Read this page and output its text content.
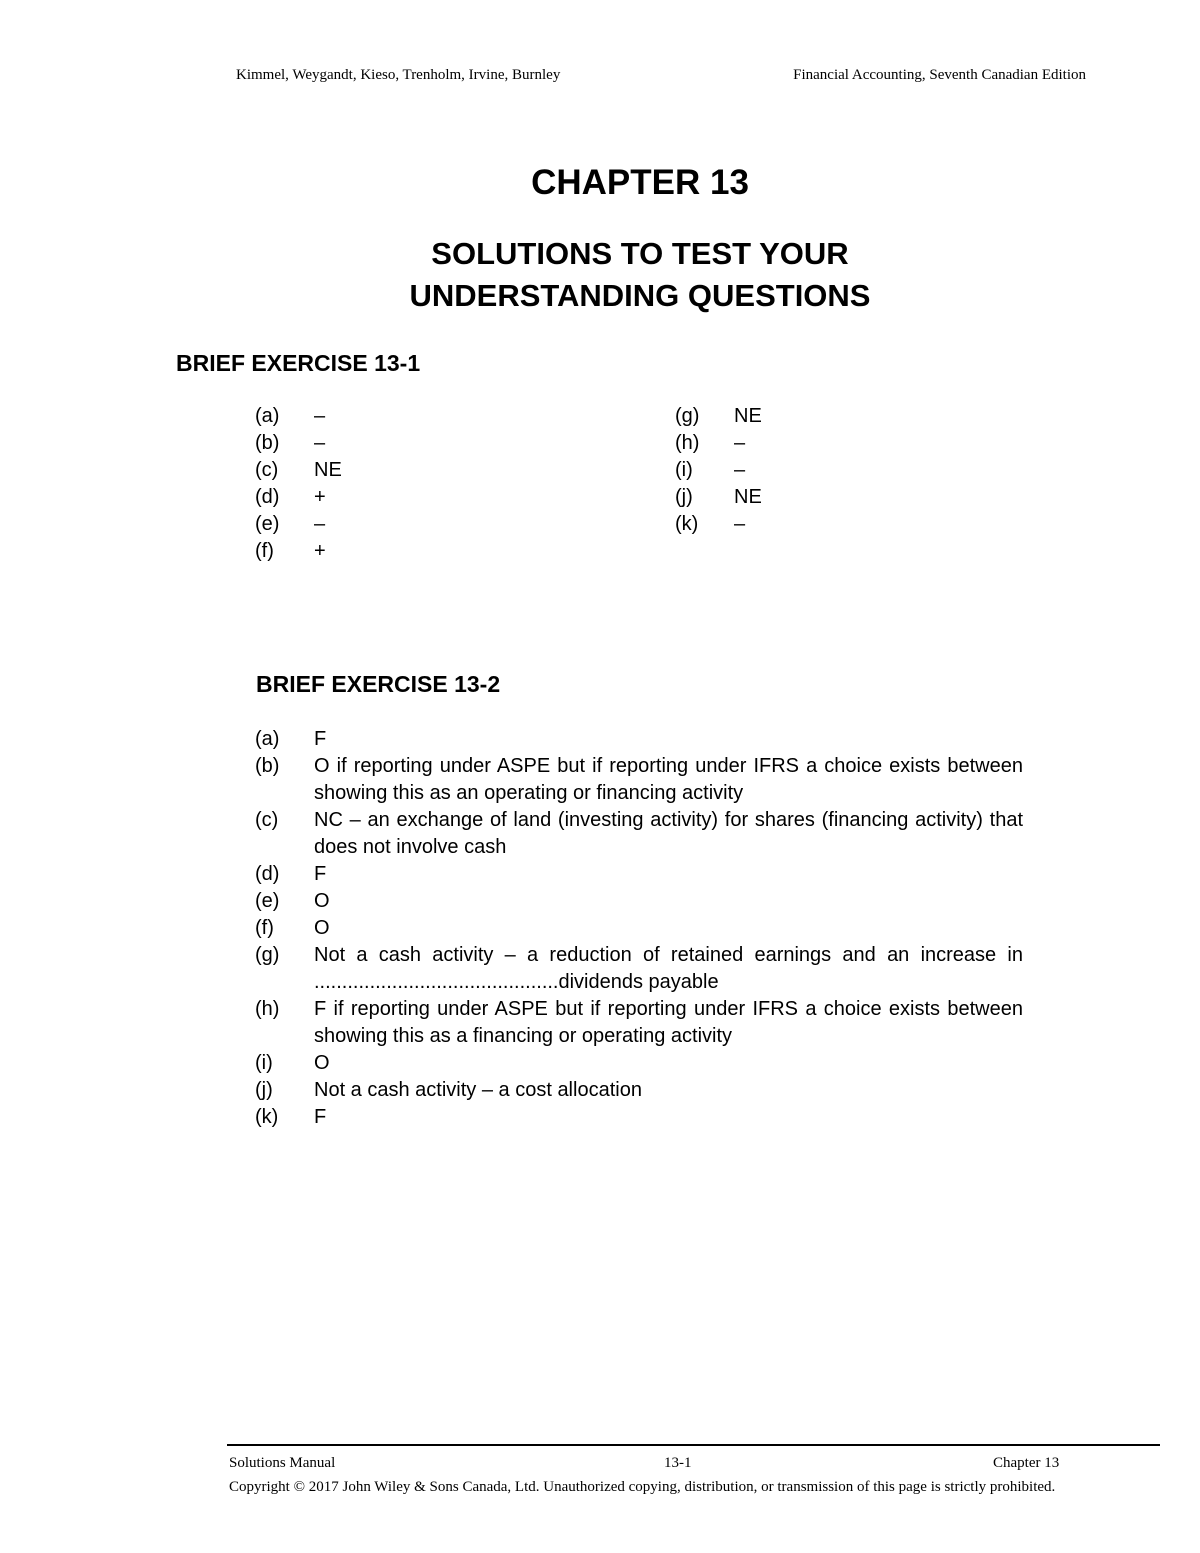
Kimmel, Weygandt, Kieso, Trenholm, Irvine, Burnley	Financial Accounting, Seventh Canadian Edition
CHAPTER 13
SOLUTIONS TO TEST YOUR
UNDERSTANDING QUESTIONS
BRIEF EXERCISE 13-1
(a) –
(b) –
(c) NE
(d) +
(e) –
(f) +
(g) NE
(h) –
(i) –
(j) NE
(k) –
BRIEF EXERCISE 13-2
(a) F
(b) O if reporting under ASPE but if reporting under IFRS a choice exists between showing this as an operating or financing activity
(c) NC – an exchange of land (investing activity) for shares (financing activity) that does not involve cash
(d) F
(e) O
(f) O
(g) Not a cash activity – a reduction of retained earnings and an increase in ............................................dividends payable
(h) F if reporting under ASPE but if reporting under IFRS a choice exists between showing this as a financing or operating activity
(i) O
(j) Not a cash activity – a cost allocation
(k) F
Solutions Manual	13-1	Chapter 13
Copyright © 2017 John Wiley & Sons Canada, Ltd. Unauthorized copying, distribution, or transmission of this page is strictly prohibited.
